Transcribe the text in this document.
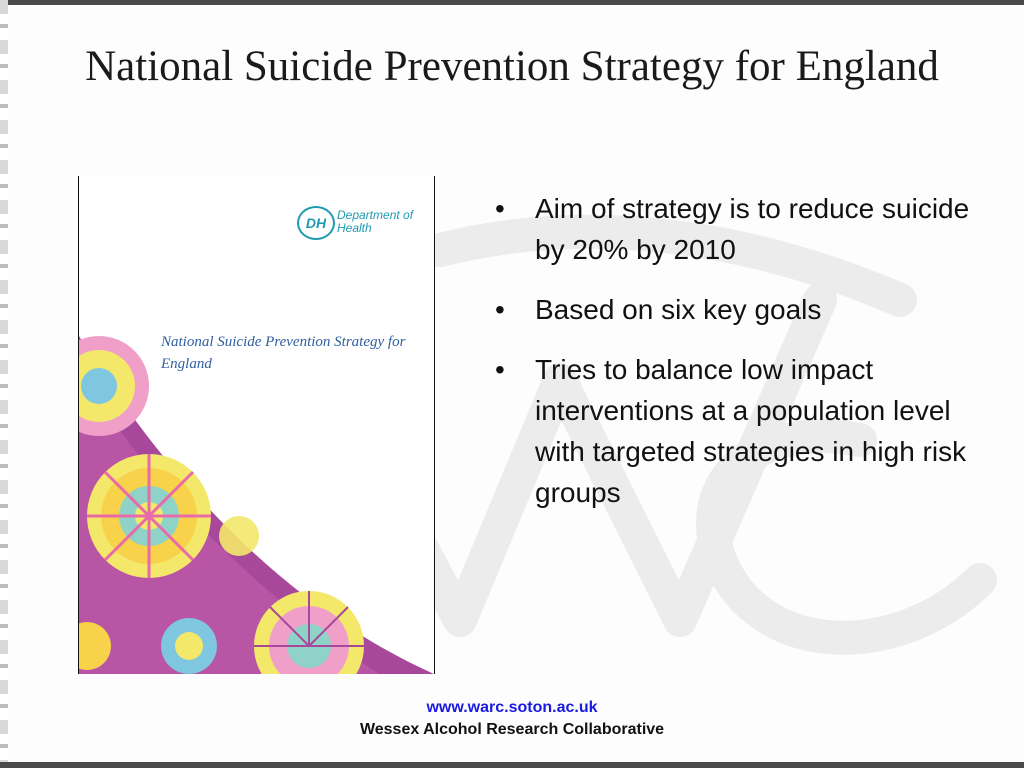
National Suicide Prevention Strategy for England
DH Department of Health
National Suicide Prevention Strategy for England
• Aim of strategy is to reduce suicide by 20% by 2010
• Based on six key goals
• Tries to balance low impact interventions at a population level with targeted strategies in high risk groups
www.warc.soton.ac.uk
Wessex Alcohol Research Collaborative
